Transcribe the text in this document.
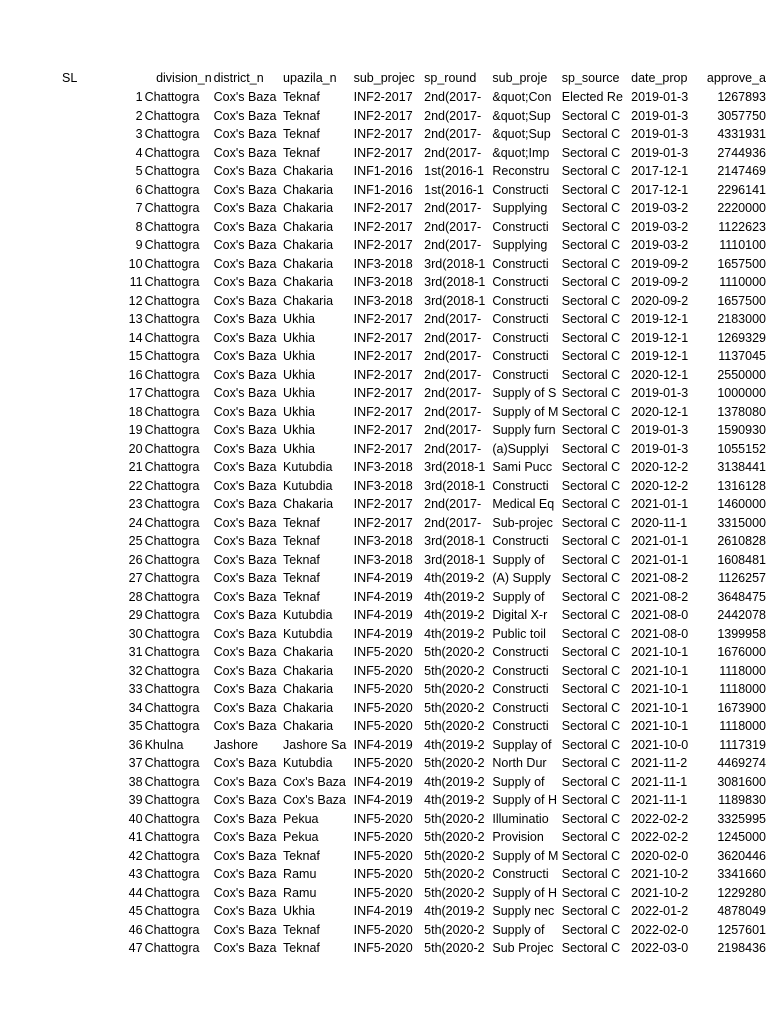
SL	division_n	district_n	upazila_n	sub_projec	sp_round	sub_proje	sp_source	date_prop	approve_a
1	Chattogra	Cox's Baza	Teknaf	INF2-2017	2nd(2017-	&quot;Con	Elected Re	2019-01-3	1267893
2	Chattogra	Cox's Baza	Teknaf	INF2-2017	2nd(2017-	&quot;Sup	Sectoral C	2019-01-3	3057750
3	Chattogra	Cox's Baza	Teknaf	INF2-2017	2nd(2017-	&quot;Sup	Sectoral C	2019-01-3	4331931
4	Chattogra	Cox's Baza	Teknaf	INF2-2017	2nd(2017-	&quot;Imp	Sectoral C	2019-01-3	2744936
5	Chattogra	Cox's Baza	Chakaria	INF1-2016	1st(2016-1	Reconstru	Sectoral C	2017-12-1	2147469
6	Chattogra	Cox's Baza	Chakaria	INF1-2016	1st(2016-1	Constructi	Sectoral C	2017-12-1	2296141
7	Chattogra	Cox's Baza	Chakaria	INF2-2017	2nd(2017-	Supplying	Sectoral C	2019-03-2	2220000
8	Chattogra	Cox's Baza	Chakaria	INF2-2017	2nd(2017-	Constructi	Sectoral C	2019-03-2	1122623
9	Chattogra	Cox's Baza	Chakaria	INF2-2017	2nd(2017-	Supplying	Sectoral C	2019-03-2	1110100
10	Chattogra	Cox's Baza	Chakaria	INF3-2018	3rd(2018-1	Constructi	Sectoral C	2019-09-2	1657500
11	Chattogra	Cox's Baza	Chakaria	INF3-2018	3rd(2018-1	Constructi	Sectoral C	2019-09-2	1110000
12	Chattogra	Cox's Baza	Chakaria	INF3-2018	3rd(2018-1	Constructi	Sectoral C	2020-09-2	1657500
13	Chattogra	Cox's Baza	Ukhia	INF2-2017	2nd(2017-	Constructi	Sectoral C	2019-12-1	2183000
14	Chattogra	Cox's Baza	Ukhia	INF2-2017	2nd(2017-	Constructi	Sectoral C	2019-12-1	1269329
15	Chattogra	Cox's Baza	Ukhia	INF2-2017	2nd(2017-	Constructi	Sectoral C	2019-12-1	1137045
16	Chattogra	Cox's Baza	Ukhia	INF2-2017	2nd(2017-	Constructi	Sectoral C	2020-12-1	2550000
17	Chattogra	Cox's Baza	Ukhia	INF2-2017	2nd(2017-	Supply of S	Sectoral C	2019-01-3	1000000
18	Chattogra	Cox's Baza	Ukhia	INF2-2017	2nd(2017-	Supply of M	Sectoral C	2020-12-1	1378080
19	Chattogra	Cox's Baza	Ukhia	INF2-2017	2nd(2017-	Supply furn	Sectoral C	2019-01-3	1590930
20	Chattogra	Cox's Baza	Ukhia	INF2-2017	2nd(2017-	(a)Supplyi	Sectoral C	2019-01-3	1055152
21	Chattogra	Cox's Baza	Kutubdia	INF3-2018	3rd(2018-1	Sami Pucc	Sectoral C	2020-12-2	3138441
22	Chattogra	Cox's Baza	Kutubdia	INF3-2018	3rd(2018-1	Constructi	Sectoral C	2020-12-2	1316128
23	Chattogra	Cox's Baza	Chakaria	INF2-2017	2nd(2017-	Medical Eq	Sectoral C	2021-01-1	1460000
24	Chattogra	Cox's Baza	Teknaf	INF2-2017	2nd(2017-	Sub-projec	Sectoral C	2020-11-1	3315000
25	Chattogra	Cox's Baza	Teknaf	INF3-2018	3rd(2018-1	Constructi	Sectoral C	2021-01-1	2610828
26	Chattogra	Cox's Baza	Teknaf	INF3-2018	3rd(2018-1	Supply of	Sectoral C	2021-01-1	1608481
27	Chattogra	Cox's Baza	Teknaf	INF4-2019	4th(2019-2	(A) Supply	Sectoral C	2021-08-2	1126257
28	Chattogra	Cox's Baza	Teknaf	INF4-2019	4th(2019-2	Supply of	Sectoral C	2021-08-2	3648475
29	Chattogra	Cox's Baza	Kutubdia	INF4-2019	4th(2019-2	Digital X-r	Sectoral C	2021-08-0	2442078
30	Chattogra	Cox's Baza	Kutubdia	INF4-2019	4th(2019-2	Public toil	Sectoral C	2021-08-0	1399958
31	Chattogra	Cox's Baza	Chakaria	INF5-2020	5th(2020-2	Constructi	Sectoral C	2021-10-1	1676000
32	Chattogra	Cox's Baza	Chakaria	INF5-2020	5th(2020-2	Constructi	Sectoral C	2021-10-1	1118000
33	Chattogra	Cox's Baza	Chakaria	INF5-2020	5th(2020-2	Constructi	Sectoral C	2021-10-1	1118000
34	Chattogra	Cox's Baza	Chakaria	INF5-2020	5th(2020-2	Constructi	Sectoral C	2021-10-1	1673900
35	Chattogra	Cox's Baza	Chakaria	INF5-2020	5th(2020-2	Constructi	Sectoral C	2021-10-1	1118000
36	Khulna	Jashore	Jashore Sa	INF4-2019	4th(2019-2	Supplay of	Sectoral C	2021-10-0	1117319
37	Chattogra	Cox's Baza	Kutubdia	INF5-2020	5th(2020-2	North Dur	Sectoral C	2021-11-2	4469274
38	Chattogra	Cox's Baza	Cox's Baza	INF4-2019	4th(2019-2	Supply of	Sectoral C	2021-11-1	3081600
39	Chattogra	Cox's Baza	Cox's Baza	INF4-2019	4th(2019-2	Supply of H	Sectoral C	2021-11-1	1189830
40	Chattogra	Cox's Baza	Pekua	INF5-2020	5th(2020-2	Illuminatio	Sectoral C	2022-02-2	3325995
41	Chattogra	Cox's Baza	Pekua	INF5-2020	5th(2020-2	Provision	Sectoral C	2022-02-2	1245000
42	Chattogra	Cox's Baza	Teknaf	INF5-2020	5th(2020-2	Supply of M	Sectoral C	2020-02-0	3620446
43	Chattogra	Cox's Baza	Ramu	INF5-2020	5th(2020-2	Constructi	Sectoral C	2021-10-2	3341660
44	Chattogra	Cox's Baza	Ramu	INF5-2020	5th(2020-2	Supply of H	Sectoral C	2021-10-2	1229280
45	Chattogra	Cox's Baza	Ukhia	INF4-2019	4th(2019-2	Supply nec	Sectoral C	2022-01-2	4878049
46	Chattogra	Cox's Baza	Teknaf	INF5-2020	5th(2020-2	Supply of	Sectoral C	2022-02-0	1257601
47	Chattogra	Cox's Baza	Teknaf	INF5-2020	5th(2020-2	Sub Projec	Sectoral C	2022-03-0	2198436
